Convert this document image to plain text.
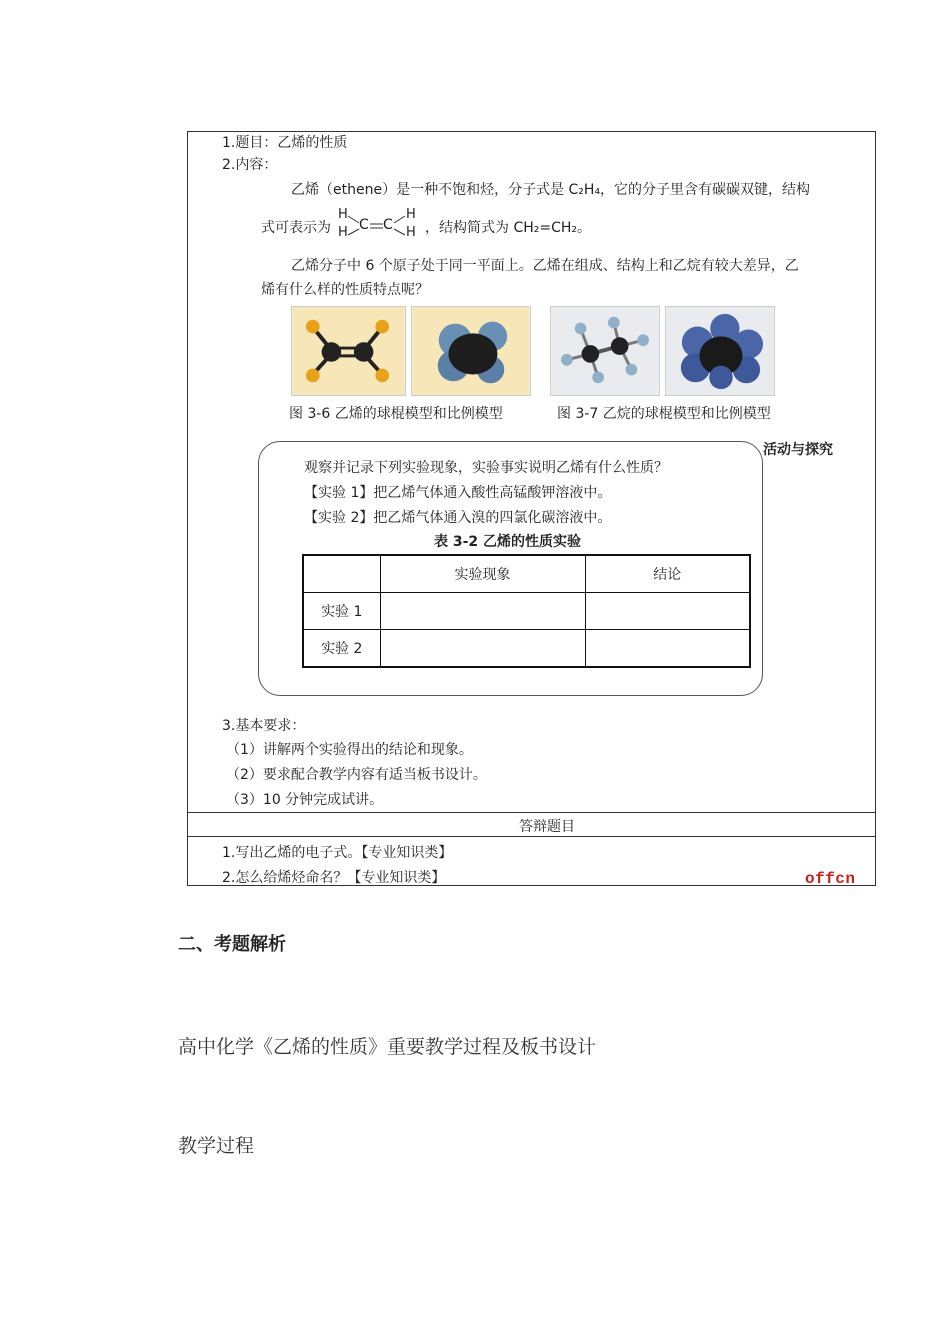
1.题目：乙烯的性质
2.内容：
乙烯（ethene）是一种不饱和烃，分子式是 C₂H₄，它的分子里含有碳碳双键，结构
式可表示为
H
H C C
H
H ，结构简式为 CH₂=CH₂。
乙烯分子中 6 个原子处于同一平面上。乙烯在组成、结构上和乙烷有较大差异，乙
烯有什么样的性质特点呢？
图 3-6 乙烯的球棍模型和比例模型	图 3-7 乙烷的球棍模型和比例模型
活动与探究
观察并记录下列实验现象，实验事实说明乙烯有什么性质？
【实验 1】把乙烯气体通入酸性高锰酸钾溶液中。
【实验 2】把乙烯气体通入溴的四氯化碳溶液中。
表 3-2 乙烯的性质实验
	实验现象	结论
实验 1		
实验 2		
3.基本要求：
（1）讲解两个实验得出的结论和现象。
（2）要求配合教学内容有适当板书设计。
（3）10 分钟完成试讲。
答辩题目
1.写出乙烯的电子式。【专业知识类】
2.怎么给烯烃命名？【专业知识类】	offcn
二、考题解析
高中化学《乙烯的性质》重要教学过程及板书设计
教学过程
